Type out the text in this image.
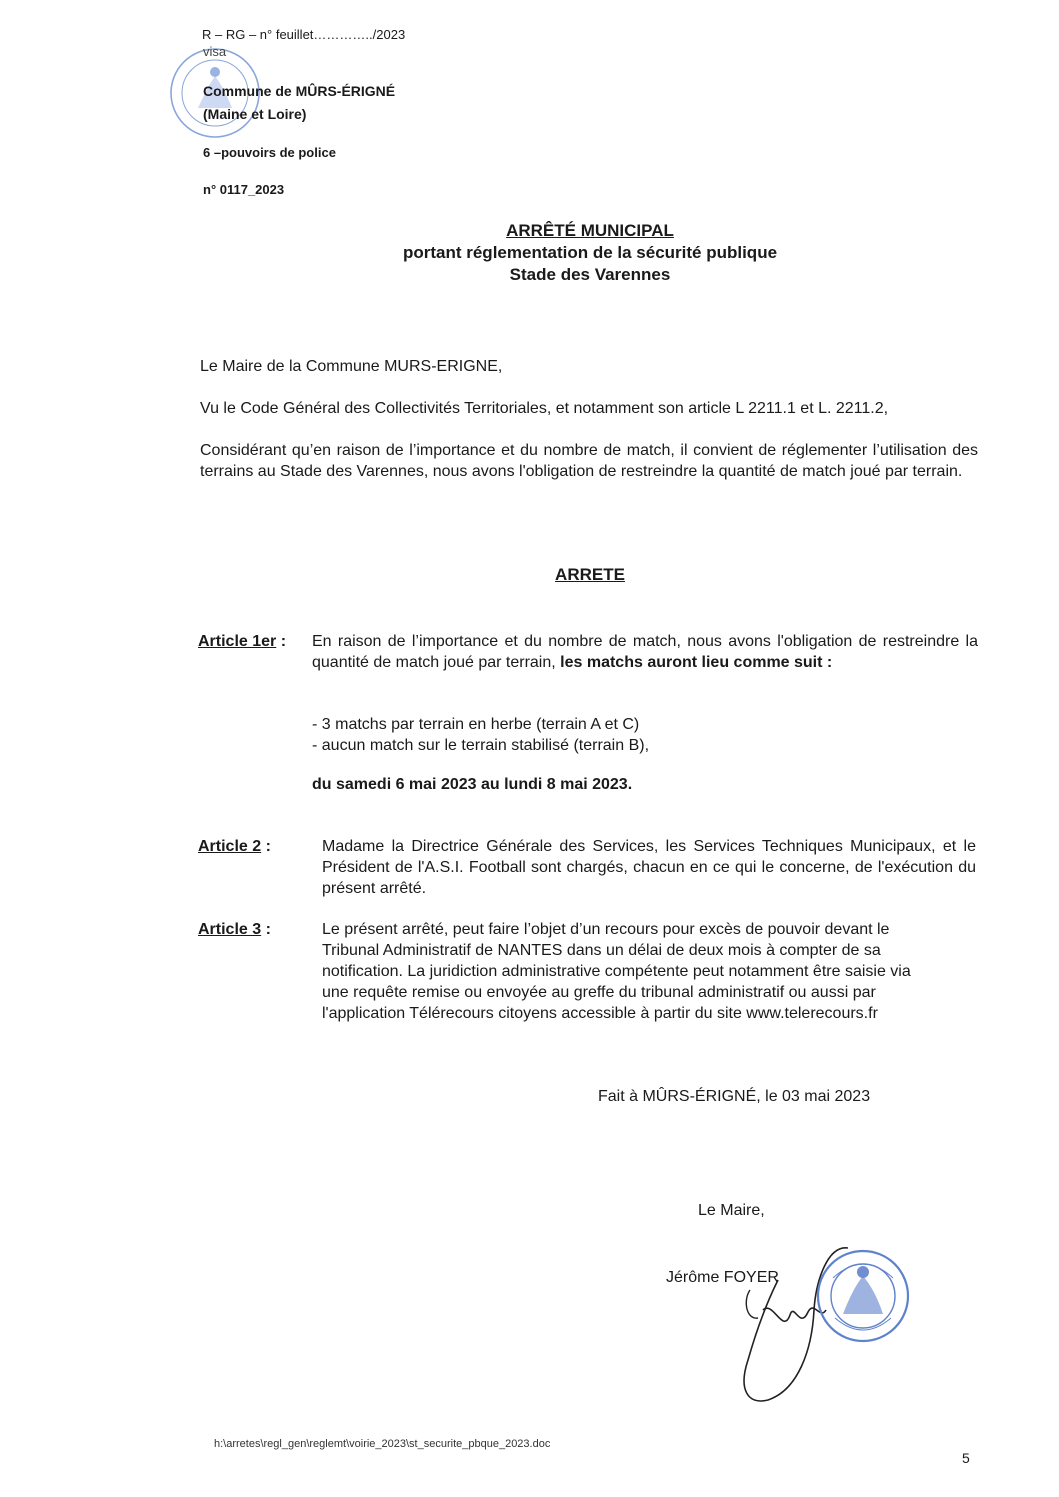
R – RG – n° feuillet…………../2023
visa
Commune de MÛRS-ÉRIGNÉ
(Maine et Loire)
6 –pouvoirs de police
n° 0117_2023
ARRÊTÉ MUNICIPAL
portant réglementation de la sécurité publique
Stade des Varennes
Le Maire de la Commune MURS-ERIGNE,
Vu le Code Général des Collectivités Territoriales, et notamment son article L 2211.1 et L. 2211.2,
Considérant qu’en raison de l’importance et du nombre de match, il convient de réglementer l’utilisation des terrains au Stade des Varennes, nous avons l'obligation de restreindre la quantité de match joué par terrain.
ARRETE
Article 1er : En raison de l’importance et du nombre de match, nous avons l'obligation de restreindre la quantité de match joué par terrain, les matchs auront lieu comme suit :
- 3 matchs par terrain en herbe (terrain A et C)
- aucun match sur le terrain stabilisé (terrain B),
du samedi 6 mai 2023 au lundi 8 mai 2023.
Article 2 :	Madame la Directrice Générale des Services, les Services Techniques Municipaux, et le Président de l'A.S.I. Football sont chargés, chacun en ce qui le concerne, de l'exécution du présent arrêté.
Article 3 :	Le présent arrêté, peut faire l’objet d’un recours pour excès de pouvoir devant le
Tribunal Administratif de NANTES dans un délai de deux mois à compter de sa
notification. La juridiction administrative compétente peut notamment être saisie via
une requête remise ou envoyée au greffe du tribunal administratif ou aussi par
l'application Télérecours citoyens accessible à partir du site www.telerecours.fr
Fait à MÛRS-ÉRIGNÉ, le 03 mai 2023
Le Maire,
Jérôme FOYER
h:\arretes\regl_gen\reglemt\voirie_2023\st_securite_pbque_2023.doc
5
